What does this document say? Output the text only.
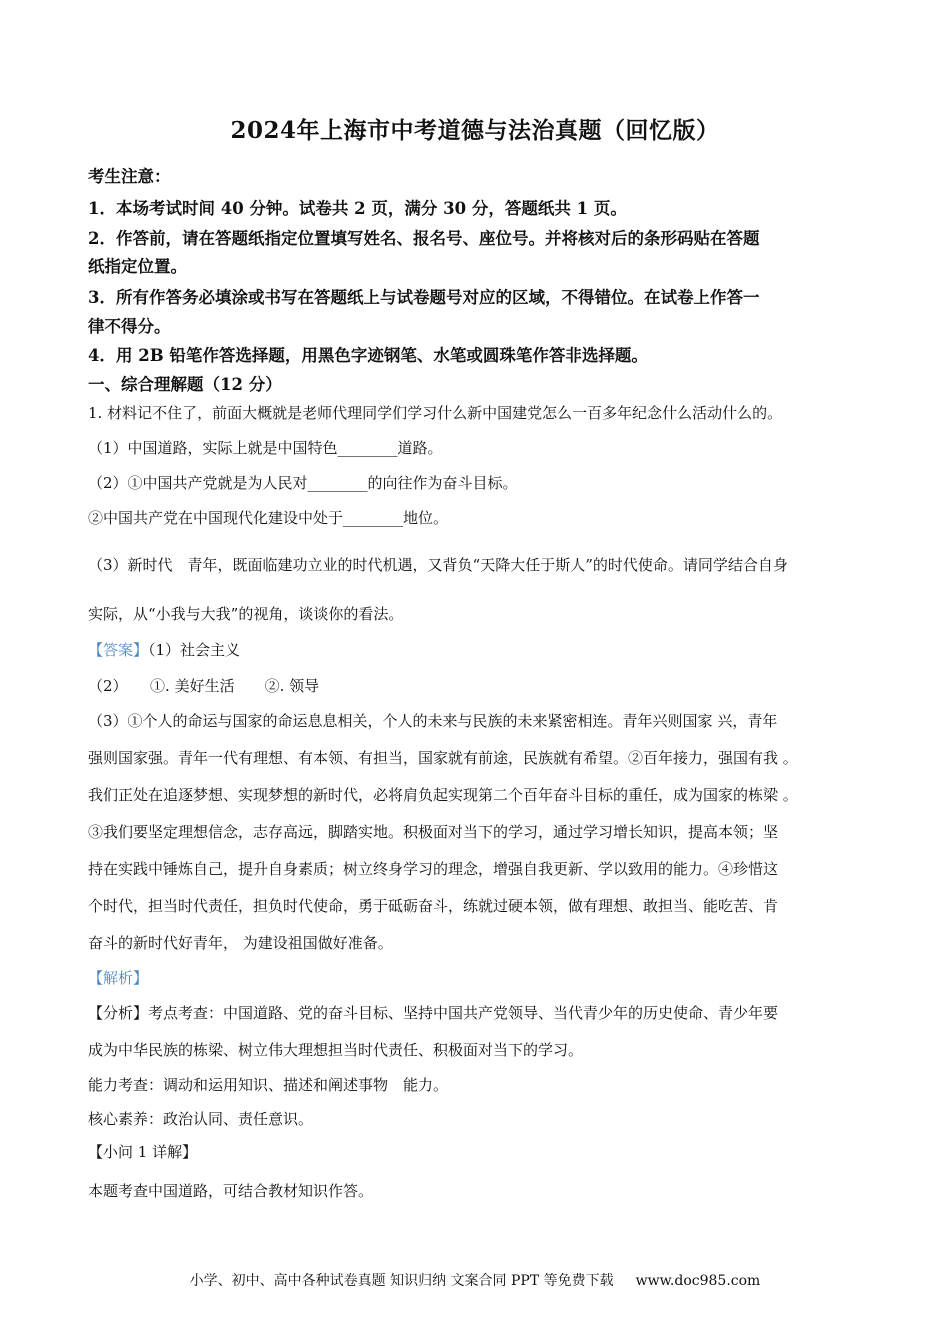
2024年上海市中考道德与法治真题（回忆版）
考生注意：
1．本场考试时间 40 分钟。试卷共 2 页，满分 30 分，答题纸共 1 页。
2．作答前，请在答题纸指定位置填写姓名、报名号、座位号。并将核对后的条形码贴在答题
纸指定位置。
3．所有作答务必填涂或书写在答题纸上与试卷题号对应的区域，不得错位。在试卷上作答一
律不得分。
4．用 2B 铅笔作答选择题，用黑色字迹钢笔、水笔或圆珠笔作答非选择题。
一、综合理解题（12 分）
1. 材料记不住了，前面大概就是老师代理同学们学习什么新中国建党怎么一百多年纪念什么活动什么的。
（1）中国道路，实际上就是中国特色________道路。
（2）①中国共产党就是为人民对________的向往作为奋斗目标。
②中国共产党在中国现代化建设中处于________地位。
（3）新时代　青年，既面临建功立业的时代机遇，又背负“天降大任于斯人”的时代使命。请同学结合自身
实际，从“小我与大我”的视角，谈谈你的看法。
【答案】（1）社会主义
（2）　　①. 美好生活　　②. 领导
（3）①个人的命运与国家的命运息息相关，个人的未来与民族的未来紧密相连。青年兴则国家 兴，青年
强则国家强。青年一代有理想、有本领、有担当，国家就有前途，民族就有希望。②百年接力，强国有我 。
我们正处在追逐梦想、实现梦想的新时代，必将肩负起实现第二个百年奋斗目标的重任，成为国家的栋梁 。
③我们要坚定理想信念，志存高远，脚踏实地。积极面对当下的学习，通过学习增长知识，提高本领；坚
持在实践中锤炼自己，提升自身素质；树立终身学习的理念，增强自我更新、学以致用的能力。④珍惜这
个时代，担当时代责任，担负时代使命，勇于砥砺奋斗，练就过硬本领，做有理想、敢担当、能吃苦、肯
奋斗的新时代好青年， 为建设祖国做好准备。
【解析】
【分析】考点考查：中国道路、党的奋斗目标、坚持中国共产党领导、当代青少年的历史使命、青少年要
成为中华民族的栋梁、树立伟大理想担当时代责任、积极面对当下的学习。
能力考查：调动和运用知识、描述和阐述事物　能力。
核心素养：政治认同、责任意识。
【小问 1 详解】
本题考查中国道路，可结合教材知识作答。
小学、初中、高中各种试卷真题 知识归纳 文案合同 PPT 等免费下载 www.doc985.com
